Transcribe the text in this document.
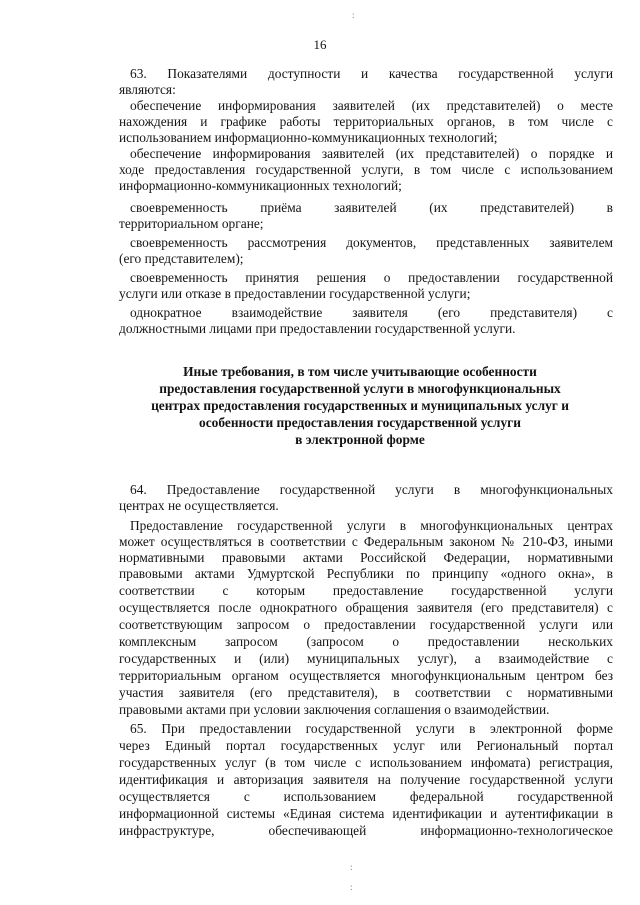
:
16
63. Показателями доступности и качества государственной услуги
являются:
обеспечение информирования заявителей (их представителей) о месте
нахождения и графике работы территориальных органов, в том числе с
использованием информационно-коммуникационных технологий;
обеспечение информирования заявителей (их представителей) о порядке и
ходе предоставления государственной услуги, в том числе с использованием
информационно-коммуникационных технологий;
своевременность приёма заявителей (их представителей) в
территориальном органе;
своевременность рассмотрения документов, представленных заявителем
(его представителем);
своевременность принятия решения о предоставлении государственной
услуги или отказе в предоставлении государственной услуги;
однократное взаимодействие заявителя (его представителя) с
должностными лицами при предоставлении государственной услуги.
Иные требования, в том числе учитывающие особенности
предоставления государственной услуги в многофункциональных
центрах предоставления государственных и муниципальных услуг и
особенности предоставления государственной услуги
в электронной форме
64. Предоставление государственной услуги в многофункциональных
центрах не осуществляется.
Предоставление государственной услуги в многофункциональных центрах
может осуществляться в соответствии с Федеральным законом № 210-ФЗ, иными
нормативными правовыми актами Российской Федерации, нормативными
правовыми актами Удмуртской Республики по принципу «одного окна», в
соответствии с которым предоставление государственной услуги
осуществляется после однократного обращения заявителя (его представителя) с
соответствующим запросом о предоставлении государственной услуги или
комплексным запросом (запросом о предоставлении нескольких
государственных и (или) муниципальных услуг), а взаимодействие с
территориальным органом осуществляется многофункциональным центром без
участия заявителя (его представителя), в соответствии с нормативными
правовыми актами при условии заключения соглашения о взаимодействии.
65. При предоставлении государственной услуги в электронной форме
через Единый портал государственных услуг или Региональный портал
государственных услуг (в том числе с использованием инфомата) регистрация,
идентификация и авторизация заявителя на получение государственной услуги
осуществляется с использованием федеральной государственной
информационной системы «Единая система идентификации и аутентификации в
инфраструктуре, обеспечивающей информационно-технологическое
:
:
